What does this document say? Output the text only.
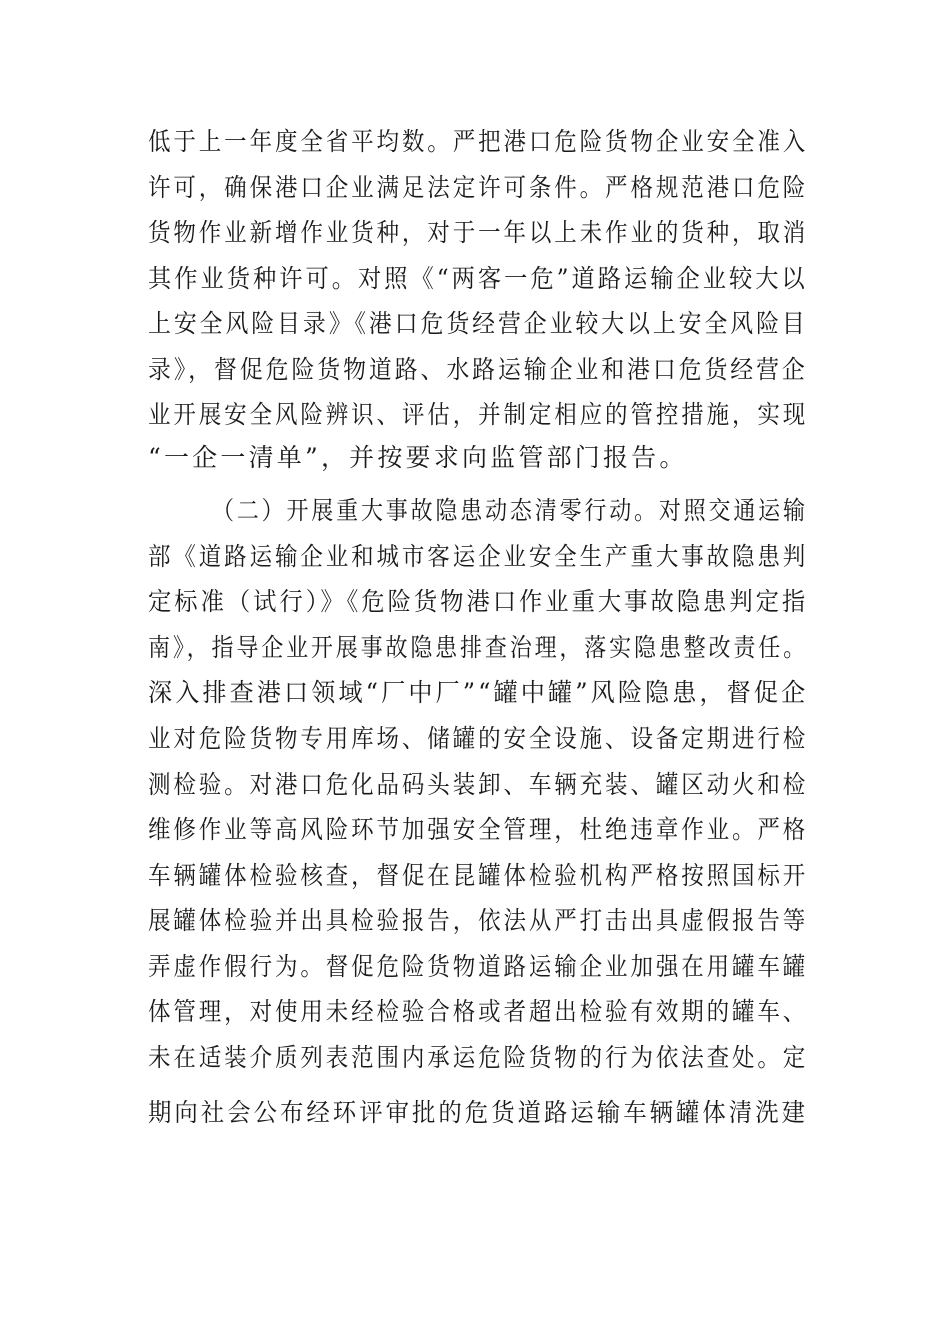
低于上一年度全省平均数。严把港口危险货物企业安全准入
许可，确保港口企业满足法定许可条件。严格规范港口危险
货物作业新增作业货种，对于一年以上未作业的货种，取消
其作业货种许可。对照《“两客一危”道路运输企业较大以
上安全风险目录》《港口危货经营企业较大以上安全风险目
录》，督促危险货物道路、水路运输企业和港口危货经营企
业开展安全风险辨识、评估，并制定相应的管控措施，实现
“一企一清单”，并按要求向监管部门报告。
（二）开展重大事故隐患动态清零行动。对照交通运输
部《道路运输企业和城市客运企业安全生产重大事故隐患判
定标准（试行）》《危险货物港口作业重大事故隐患判定指
南》，指导企业开展事故隐患排查治理，落实隐患整改责任。
深入排查港口领域“厂中厂”“罐中罐”风险隐患，督促企
业对危险货物专用库场、储罐的安全设施、设备定期进行检
测检验。对港口危化品码头装卸、车辆充装、罐区动火和检
维修作业等高风险环节加强安全管理，杜绝违章作业。严格
车辆罐体检验核查，督促在昆罐体检验机构严格按照国标开
展罐体检验并出具检验报告，依法从严打击出具虚假报告等
弄虚作假行为。督促危险货物道路运输企业加强在用罐车罐
体管理，对使用未经检验合格或者超出检验有效期的罐车、
未在适装介质列表范围内承运危险货物的行为依法查处。定
期向社会公布经环评审批的危货道路运输车辆罐体清洗建
